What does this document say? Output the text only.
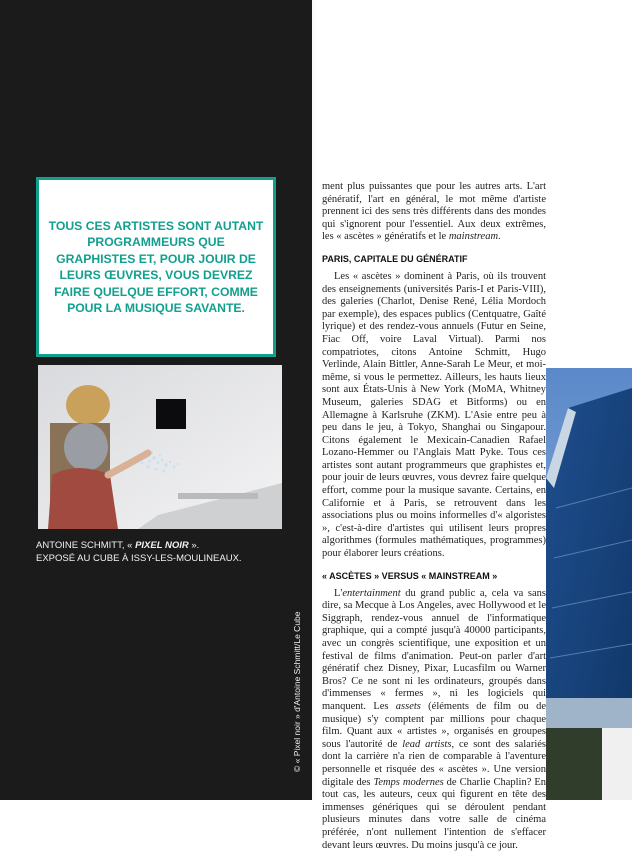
TOUS CES ARTISTES SONT AUTANT PROGRAMMEURS QUE GRAPHISTES ET, POUR JOUIR DE LEURS ŒUVRES, VOUS DEVREZ FAIRE QUELQUE EFFORT, COMME POUR LA MUSIQUE SAVANTE.

ANTOINE SCHMITT, « PIXEL NOIR ».
EXPOSÉ AU CUBE À ISSY-LES-MOULINEAUX.
© « Pixel noir » d'Antoine Schmitt/Le Cube

ment plus puissantes que pour les autres arts. L'art génératif, l'art en général, le mot même d'artiste prennent ici des sens très différents dans des mondes qui s'ignorent pour l'essentiel. Aux deux extrêmes, les « ascètes » génératifs et le mainstream.

PARIS, CAPITALE DU GÉNÉRATIF

Les « ascètes » dominent à Paris, où ils trouvent des enseignements (universités Paris-I et Paris-VIII), des galeries (Charlot, Denise René, Lélia Mordoch par exemple), des espaces publics (Centquatre, Gaîté lyrique) et des rendez-vous annuels (Futur en Seine, Fiac Off, voire Laval Virtual). Parmi nos compatriotes, citons Antoine Schmitt, Hugo Verlinde, Alain Bittler, Anne-Sarah Le Meur, et moi-même, si vous le permettez. Ailleurs, les hauts lieux sont aux États-Unis à New York (MoMA, Whitney Museum, galeries SDAG et Bitforms) ou en Allemagne à Karlsruhe (ZKM). L'Asie entre peu à peu dans le jeu, à Tokyo, Shanghai ou Singapour. Citons également le Mexicain-Canadien Rafael Lozano-Hemmer ou l'Anglais Matt Pyke. Tous ces artistes sont autant programmeurs que graphistes et, pour jouir de leurs œuvres, vous devrez faire quelque effort, comme pour la musique savante. Certains, en Californie et à Paris, se retrouvent dans les associations plus ou moins informelles d'« algoristes », c'est-à-dire d'artistes qui utilisent leurs propres algorithmes (formules mathématiques, programmes) pour élaborer leurs créations.

« ASCÈTES » VERSUS « MAINSTREAM »

L'entertainment du grand public a, cela va sans dire, sa Mecque à Los Angeles, avec Hollywood et le Siggraph, rendez-vous annuel de l'informatique graphique, qui a compté jusqu'à 40000 participants, avec un congrès scientifique, une exposition et un festival de films d'animation. Peut-on parler d'art génératif chez Disney, Pixar, Lucasfilm ou Warner Bros? Ce ne sont ni les ordinateurs, groupés dans d'immenses « fermes », ni les logiciels qui manquent. Les assets (éléments de film ou de musique) s'y comptent par millions pour chaque film. Quant aux « artistes », organisés en groupes sous l'autorité de lead artists, ce sont des salariés dont la carrière n'a rien de comparable à l'aventure personnelle et risquée des « ascètes ». Une version digitale des Temps modernes de Charlie Chaplin? En tout cas, les auteurs, ceux qui figurent en tête des immenses génériques qui se déroulent pendant plusieurs minutes dans votre salle de cinéma préférée, n'ont nullement l'intention de s'effacer devant leurs œuvres. Du moins jusqu'à ce jour.
